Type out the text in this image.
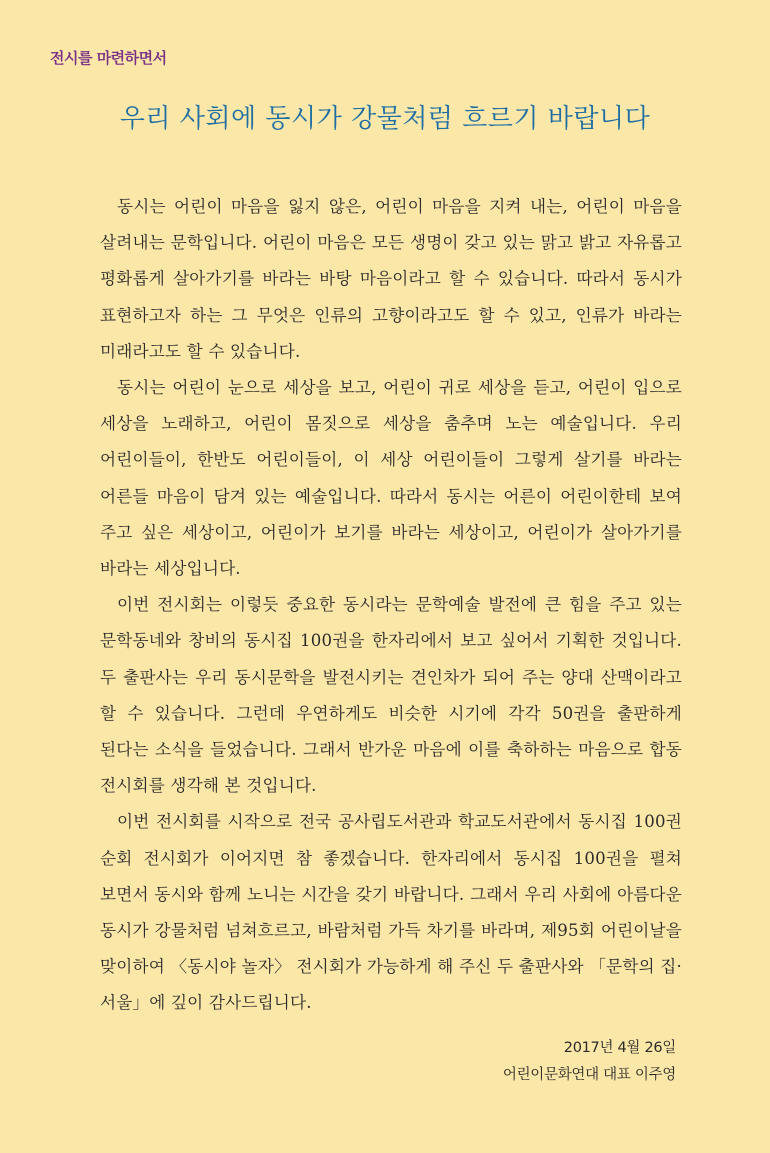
전시를 마련하면서
우리 사회에 동시가 강물처럼 흐르기 바랍니다

동시는 어린이 마음을 잃지 않은, 어린이 마음을 지켜 내는, 어린이 마음을 살려내는 문학입니다. 어린이 마음은 모든 생명이 갖고 있는 맑고 밝고 자유롭고 평화롭게 살아가기를 바라는 바탕 마음이라고 할 수 있습니다. 따라서 동시가 표현하고자 하는 그 무엇은 인류의 고향이라고도 할 수 있고, 인류가 바라는 미래라고도 할 수 있습니다.

동시는 어린이 눈으로 세상을 보고, 어린이 귀로 세상을 듣고, 어린이 입으로 세상을 노래하고, 어린이 몸짓으로 세상을 춤추며 노는 예술입니다. 우리 어린이들이, 한반도 어린이들이, 이 세상 어린이들이 그렇게 살기를 바라는 어른들 마음이 담겨 있는 예술입니다. 따라서 동시는 어른이 어린이한테 보여 주고 싶은 세상이고, 어린이가 보기를 바라는 세상이고, 어린이가 살아가기를 바라는 세상입니다.

이번 전시회는 이렇듯 중요한 동시라는 문학예술 발전에 큰 힘을 주고 있는 문학동네와 창비의 동시집 100권을 한자리에서 보고 싶어서 기획한 것입니다. 두 출판사는 우리 동시문학을 발전시키는 견인차가 되어 주는 양대 산맥이라고 할 수 있습니다. 그런데 우연하게도 비슷한 시기에 각각 50권을 출판하게 된다는 소식을 들었습니다. 그래서 반가운 마음에 이를 축하하는 마음으로 합동 전시회를 생각해 본 것입니다.

이번 전시회를 시작으로 전국 공사립도서관과 학교도서관에서 동시집 100권 순회 전시회가 이어지면 참 좋겠습니다. 한자리에서 동시집 100권을 펼쳐 보면서 동시와 함께 노니는 시간을 갖기 바랍니다. 그래서 우리 사회에 아름다운 동시가 강물처럼 넘쳐흐르고, 바람처럼 가득 차기를 바라며, 제95회 어린이날을 맞이하여 〈동시야 놀자〉 전시회가 가능하게 해 주신 두 출판사와 「문학의 집·서울」에 깊이 감사드립니다.

2017년 4월 26일
어린이문화연대 대표 이주영
